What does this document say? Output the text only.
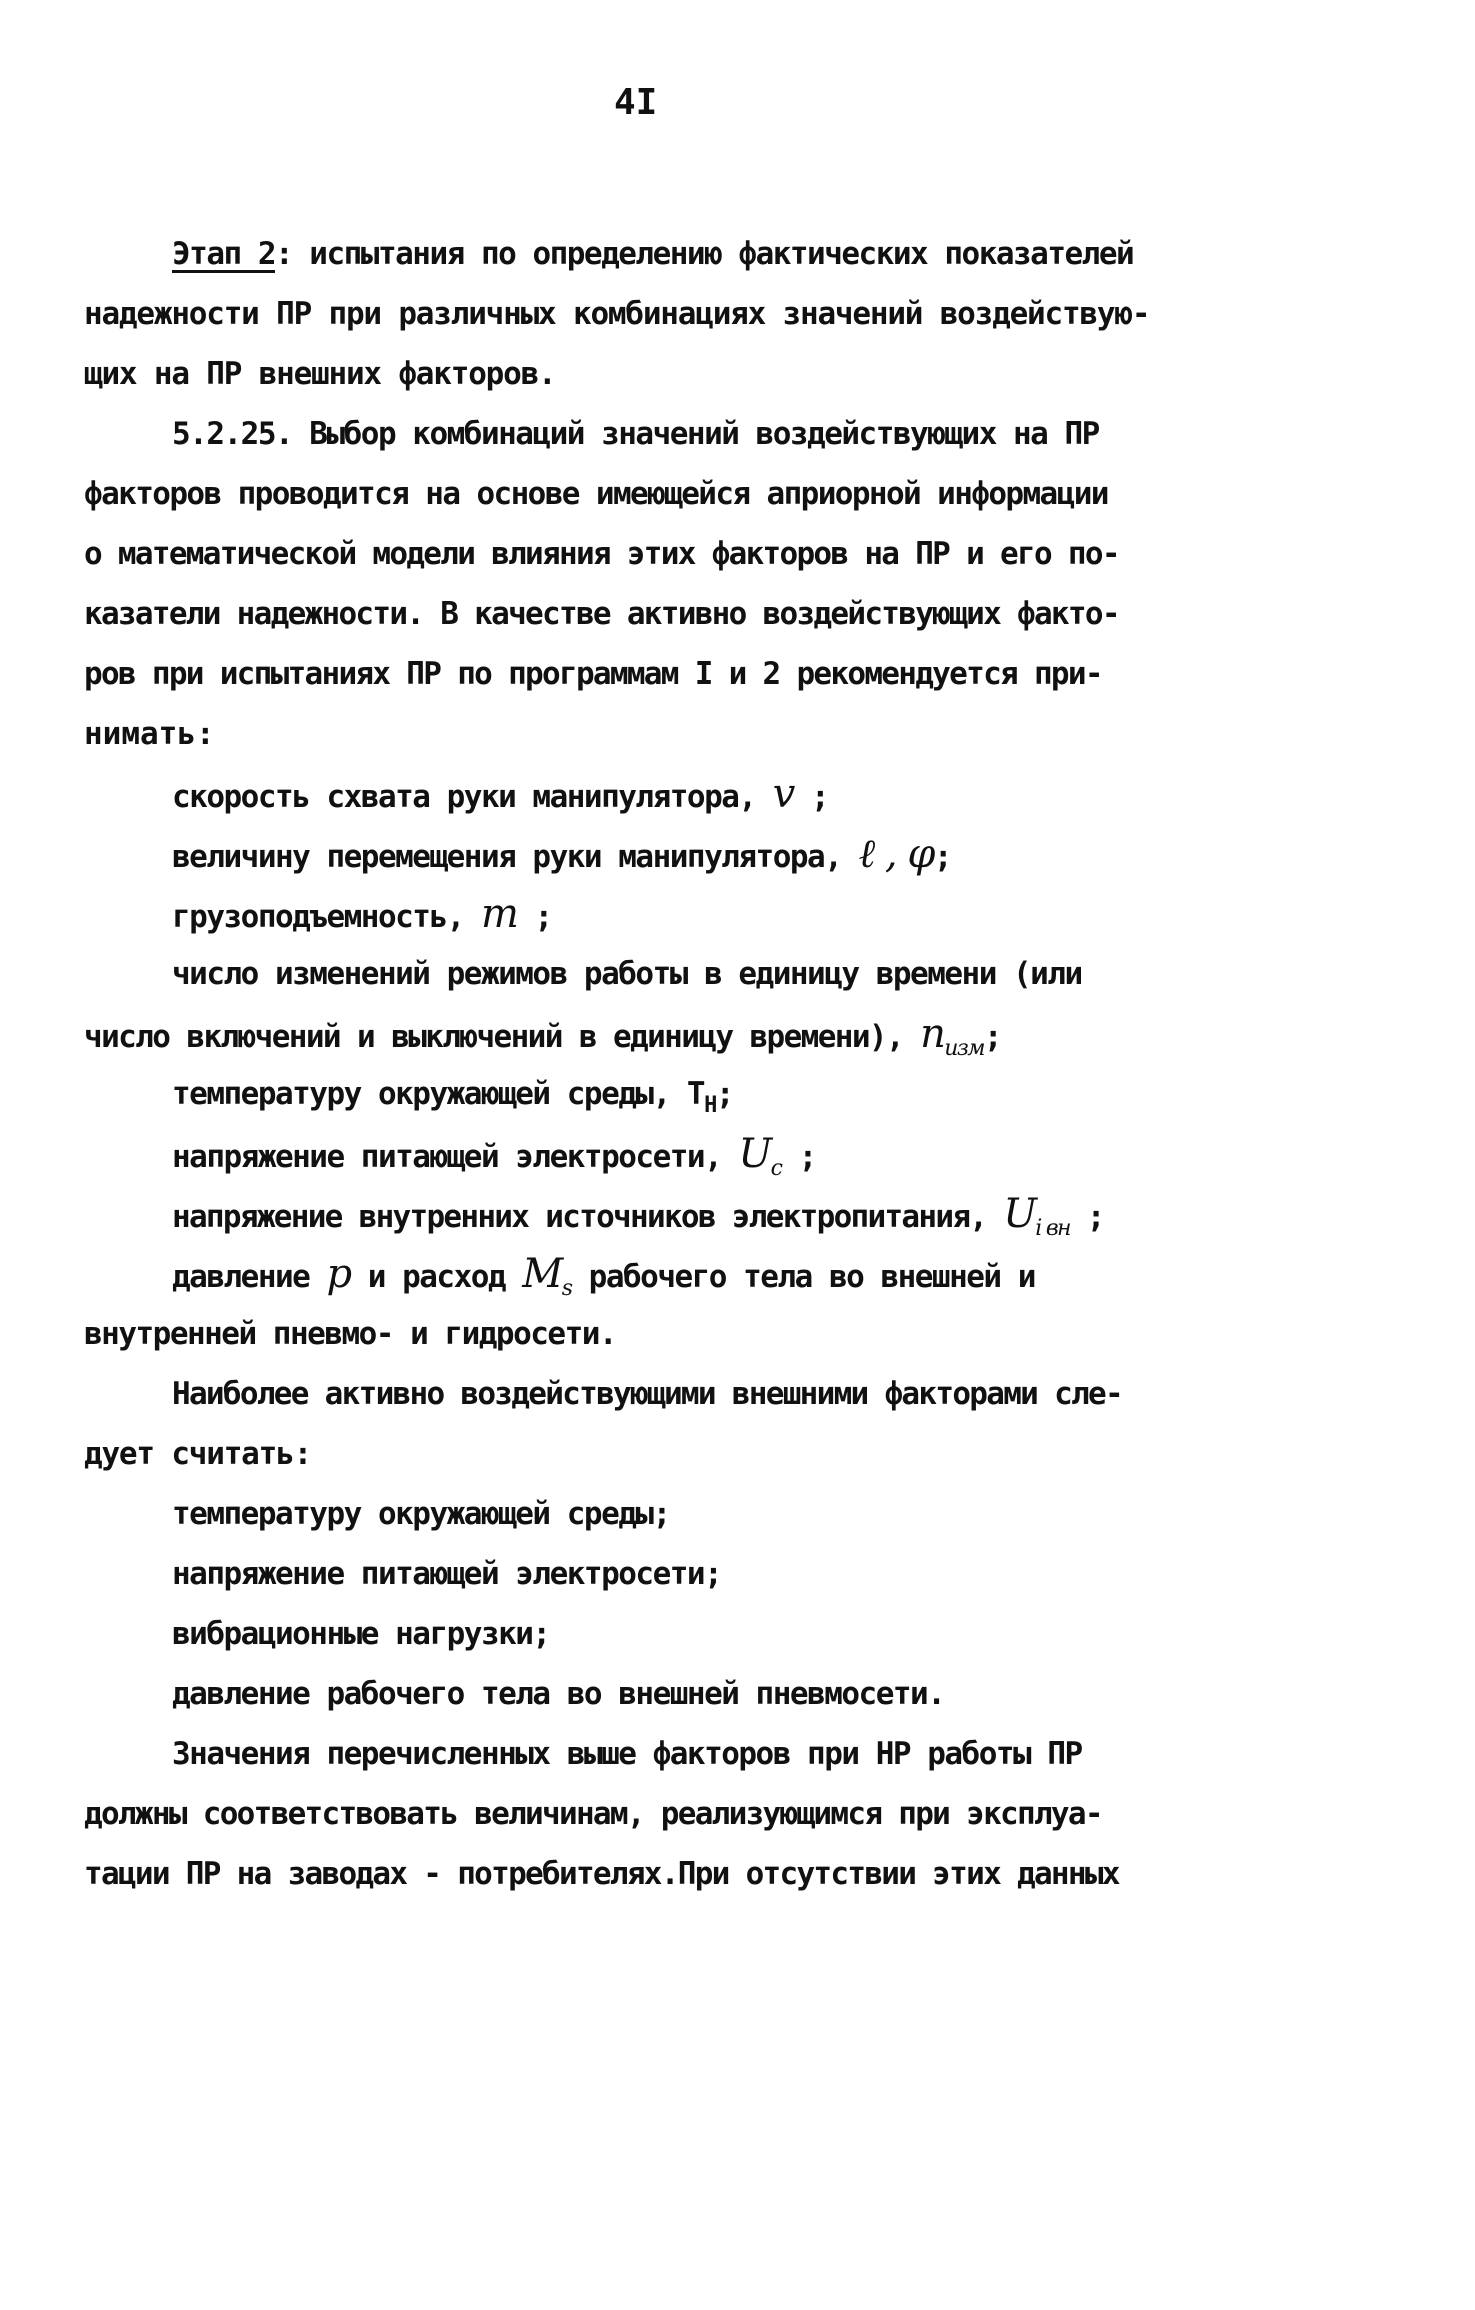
4I
Этап 2: испытания по определению фактических показателей
надежности ПР при различных комбинациях значений воздействую-
щих на ПР внешних факторов.
5.2.25. Выбор комбинаций значений воздействующих на ПР
факторов проводится на основе имеющейся априорной информации
о математической модели влияния этих факторов на ПР и его по-
казатели надежности. В качестве активно воздействующих факто-
ров при испытаниях ПР по программам I и 2 рекомендуется при-
нимать:
скорость схвата руки манипулятора, v ;
величину перемещения руки манипулятора, ℓ , φ;
грузоподъемность, m ;
число изменений режимов работы в единицу времени (или
число включений и выключений в единицу времени), $n_{изм}$;
температуру окружающей среды, $Т_Н$;
напряжение питающей электросети, $U_c$ ;
напряжение внутренних источников электропитания, $U_{i вн}$ ;
давление p и расход $M_s$ рабочего тела во внешней и
внутренней пневмо- и гидросети.
Наиболее активно воздействующими внешними факторами сле-
дует считать:
температуру окружающей среды;
напряжение питающей электросети;
вибрационные нагрузки;
давление рабочего тела во внешней пневмосети.
Значения перечисленных выше факторов при НР работы ПР
должны соответствовать величинам, реализующимся при эксплуа-
тации ПР на заводах - потребителях.При отсутствии этих данных
